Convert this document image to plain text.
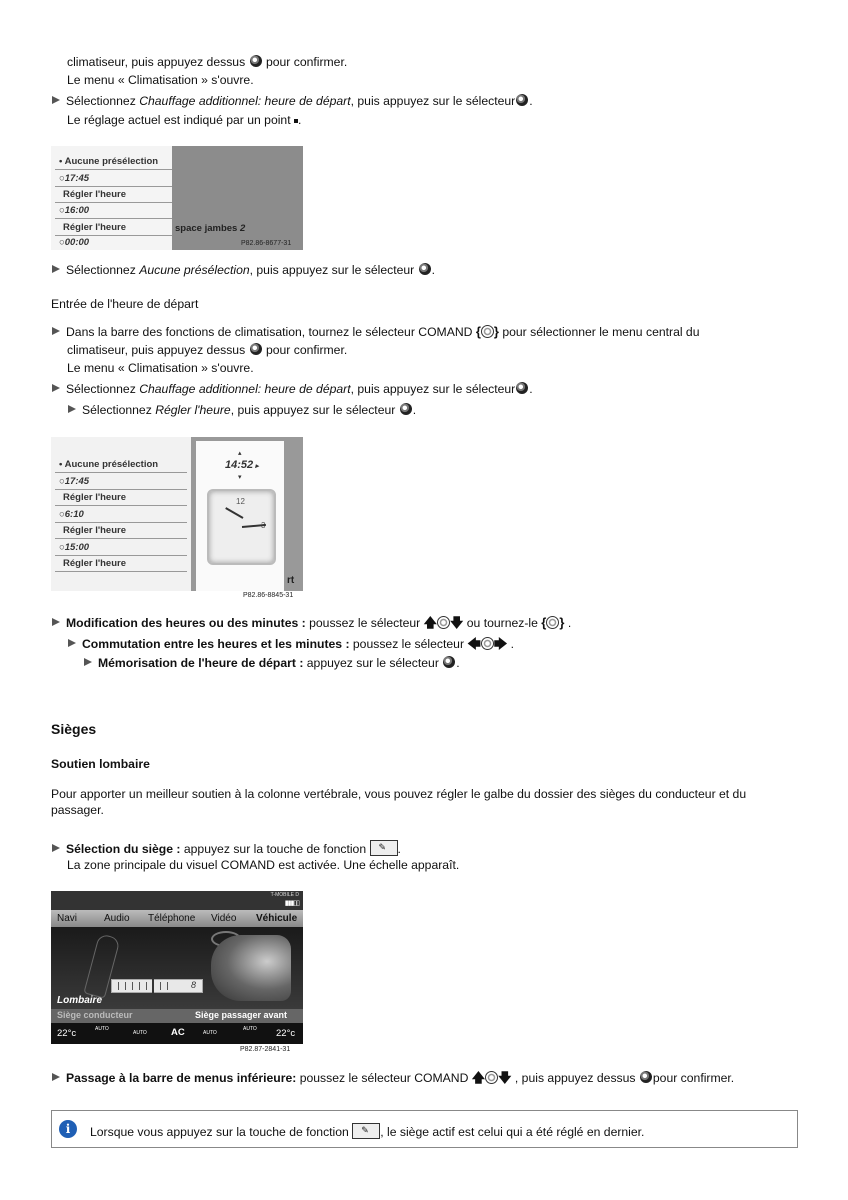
climatiseur, puis appuyez dessus pour confirmer.
Le menu « Climatisation » s'ouvre.
Sélectionnez Chauffage additionnel: heure de départ, puis appuyez sur le sélecteur .
Le réglage actuel est indiqué par un point .
• Aucune présélection
○17:45
Régler l'heure
○16:00
Régler l'heure
○00:00
space jambes 2
P82.86-8677-31
Sélectionnez Aucune présélection, puis appuyez sur le sélecteur .
Entrée de l'heure de départ
Dans la barre des fonctions de climatisation, tournez le sélecteur COMAND { } pour sélectionner le menu central du
climatiseur, puis appuyez dessus pour confirmer.
Le menu « Climatisation » s'ouvre.
Sélectionnez Chauffage additionnel: heure de départ, puis appuyez sur le sélecteur .
Sélectionnez Régler l'heure, puis appuyez sur le sélecteur .
• Aucune présélection
○17:45
Régler l'heure
○6:10
Régler l'heure
○15:00
Régler l'heure
14:52 ▸
▴
▾
12
rt
P82.86-8845-31
Modification des heures ou des minutes : poussez le sélecteur 🡅 🡇 ou tournez-le { } .
Commutation entre les heures et les minutes : poussez le sélecteur 🡄 🡆 .
Mémorisation de l'heure de départ : appuyez sur le sélecteur .
Sièges
Soutien lombaire
Pour apporter un meilleur soutien à la colonne vertébrale, vous pouvez régler le galbe du dossier des sièges du conducteur et du passager.
Sélection du siège : appuyez sur la touche de fonction ✎ .
La zone principale du visuel COMAND est activée. Une échelle apparaît.
T-MOBILE D
▮▮▮▯▯
Navi	Audio Téléphone Vidéo Véhicule
8
Lombaire
Siège conducteur	Siège passager avant
22°c	AUTO
AUTO	AC	AUTO
AUTO 22°c
P82.87-2841-31
Passage à la barre de menus inférieure: poussez le sélecteur COMAND 🡅 🡇 , puis appuyez dessus pour confirmer.
i	Lorsque vous appuyez sur la touche de fonction ✎ , le siège actif est celui qui a été réglé en dernier.
